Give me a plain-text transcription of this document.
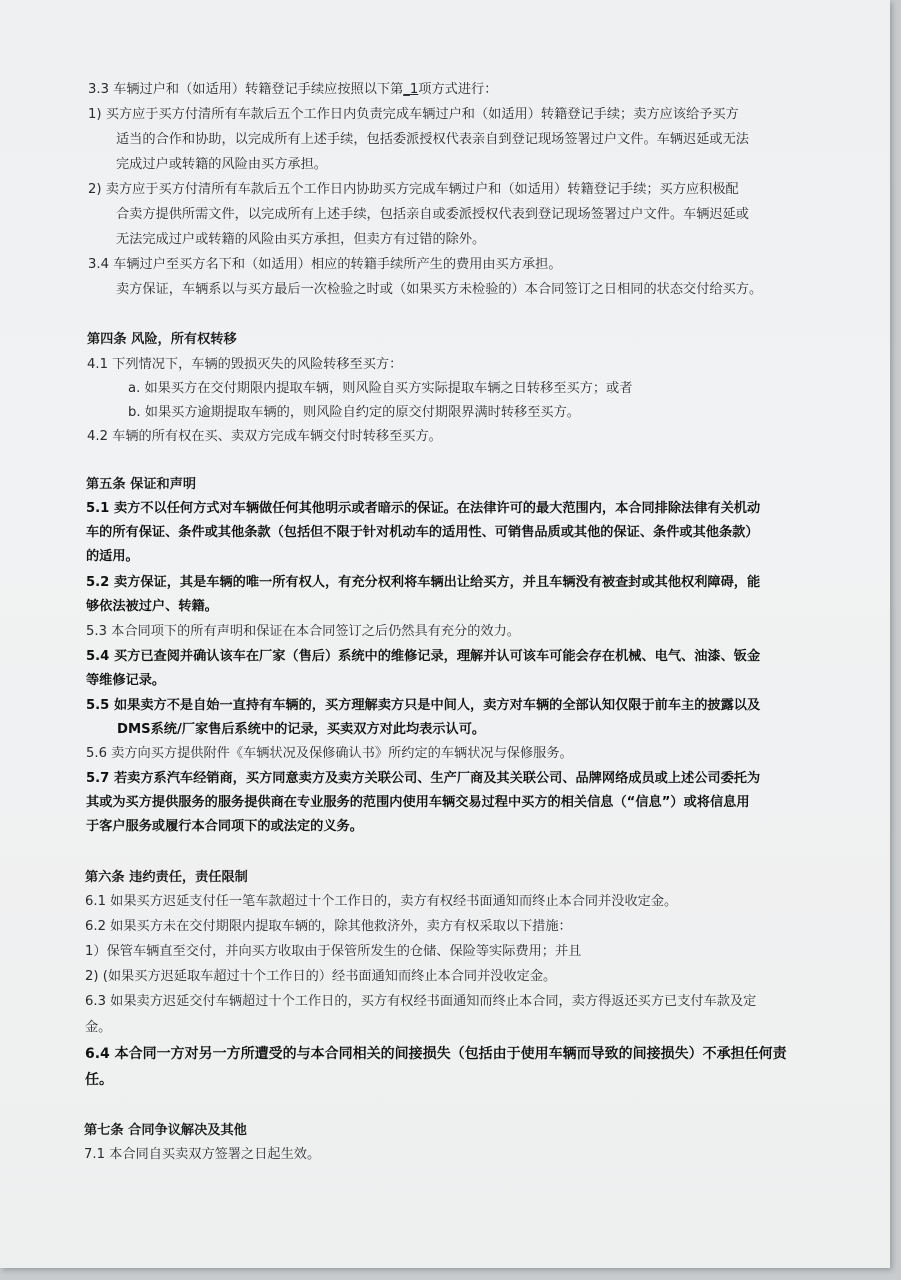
3.3 车辆过户和（如适用）转籍登记手续应按照以下第_1项方式进行：

1) 买方应于买方付清所有车款后五个工作日内负责完成车辆过户和（如适用）转籍登记手续；卖方应该给予买方

适当的合作和协助，以完成所有上述手续，包括委派授权代表亲自到登记现场签署过户文件。车辆迟延或无法

完成过户或转籍的风险由买方承担。

2) 卖方应于买方付清所有车款后五个工作日内协助买方完成车辆过户和（如适用）转籍登记手续；买方应积极配

合卖方提供所需文件，以完成所有上述手续，包括亲自或委派授权代表到登记现场签署过户文件。车辆迟延或

无法完成过户或转籍的风险由买方承担，但卖方有过错的除外。

3.4 车辆过户至买方名下和（如适用）相应的转籍手续所产生的费用由买方承担。

卖方保证，车辆系以与买方最后一次检验之时或（如果买方未检验的）本合同签订之日相同的状态交付给买方。

第四条 风险，所有权转移

4.1 下列情况下，车辆的毁损灭失的风险转移至买方：

a. 如果买方在交付期限内提取车辆，则风险自买方实际提取车辆之日转移至买方；或者

b. 如果买方逾期提取车辆的，则风险自约定的原交付期限界满时转移至买方。

4.2 车辆的所有权在买、卖双方完成车辆交付时转移至买方。

第五条 保证和声明

5.1 卖方不以任何方式对车辆做任何其他明示或者暗示的保证。在法律许可的最大范围内，本合同排除法律有关机动

车的所有保证、条件或其他条款（包括但不限于针对机动车的适用性、可销售品质或其他的保证、条件或其他条款）

的适用。

5.2 卖方保证，其是车辆的唯一所有权人，有充分权利将车辆出让给买方，并且车辆没有被查封或其他权利障碍，能

够依法被过户、转籍。

5.3 本合同项下的所有声明和保证在本合同签订之后仍然具有充分的效力。

5.4 买方已查阅并确认该车在厂家（售后）系统中的维修记录，理解并认可该车可能会存在机械、电气、油漆、钣金

等维修记录。

5.5 如果卖方不是自始一直持有车辆的，买方理解卖方只是中间人，卖方对车辆的全部认知仅限于前车主的披露以及

DMS系统/厂家售后系统中的记录，买卖双方对此均表示认可。

5.6 卖方向买方提供附件《车辆状况及保修确认书》所约定的车辆状况与保修服务。

5.7 若卖方系汽车经销商，买方同意卖方及卖方关联公司、生产厂商及其关联公司、品牌网络成员或上述公司委托为

其或为买方提供服务的服务提供商在专业服务的范围内使用车辆交易过程中买方的相关信息（“信息”）或将信息用

于客户服务或履行本合同项下的或法定的义务。

第六条 违约责任，责任限制

6.1 如果买方迟延支付任一笔车款超过十个工作日的，卖方有权经书面通知而终止本合同并没收定金。

6.2 如果买方未在交付期限内提取车辆的，除其他救济外，卖方有权采取以下措施：

1）保管车辆直至交付，并向买方收取由于保管所发生的仓储、保险等实际费用；并且

2) (如果买方迟延取车超过十个工作日的）经书面通知而终止本合同并没收定金。

6.3 如果卖方迟延交付车辆超过十个工作日的，买方有权经书面通知而终止本合同，卖方得返还买方已支付车款及定

金。

6.4 本合同一方对另一方所遭受的与本合同相关的间接损失（包括由于使用车辆而导致的间接损失）不承担任何责

任。

第七条 合同争议解决及其他

7.1 本合同自买卖双方签署之日起生效。
